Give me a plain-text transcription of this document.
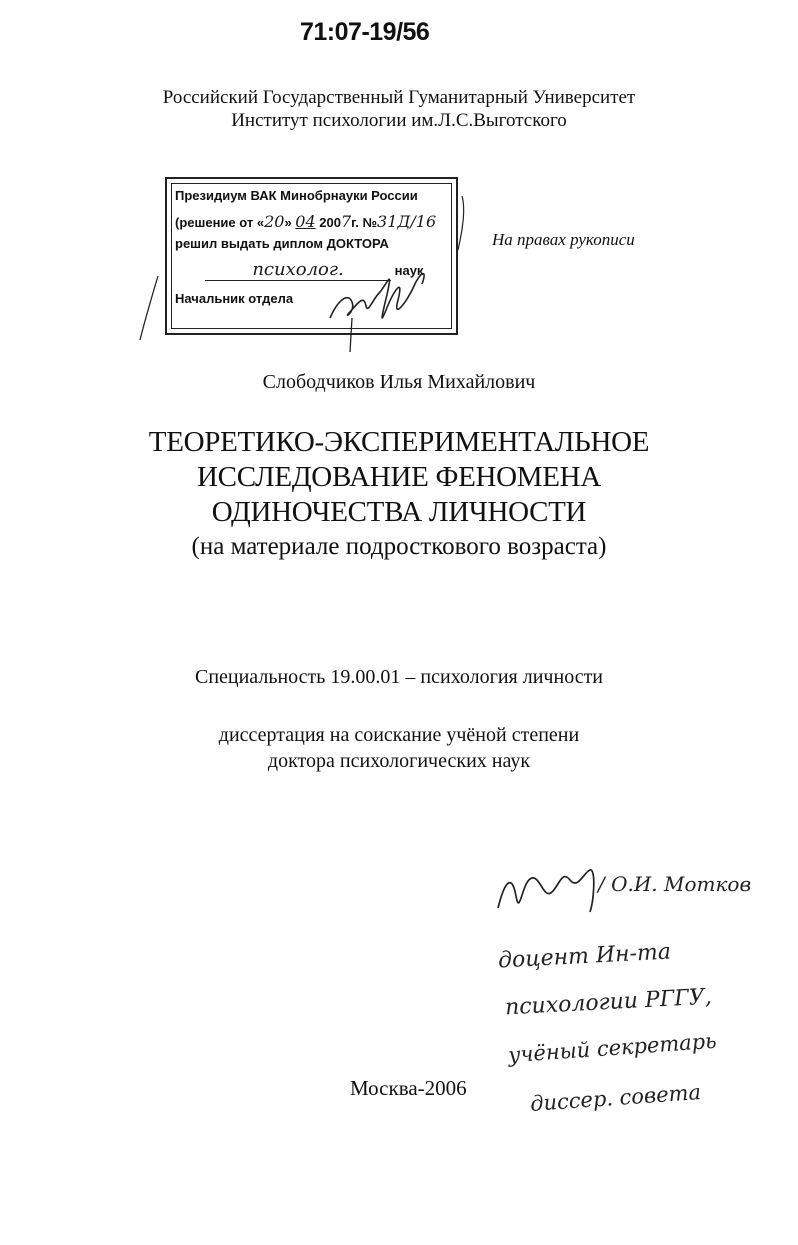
71:07-19/56
Российский Государственный Гуманитарный Университет
Институт психологии им.Л.С.Выготского
Президиум ВАК Минобрнауки России
(решение от «20» 04 2007г. №31Д/16
решил выдать диплом ДОКТОРА
психолог.	наук
Начальник отдела
На правах рукописи
Слободчиков Илья Михайлович
ТЕОРЕТИКО-ЭКСПЕРИМЕНТАЛЬНОЕ
ИССЛЕДОВАНИЕ ФЕНОМЕНА
ОДИНОЧЕСТВА ЛИЧНОСТИ
(на материале подросткового возраста)
Специальность 19.00.01 – психология личности
диссертация на соискание учёной степени
доктора психологических наук
Москва-2006
/ О.И. Мотков
доцент Ин-та
психологии РГГУ,
учёный секретарь
диссер. совета
